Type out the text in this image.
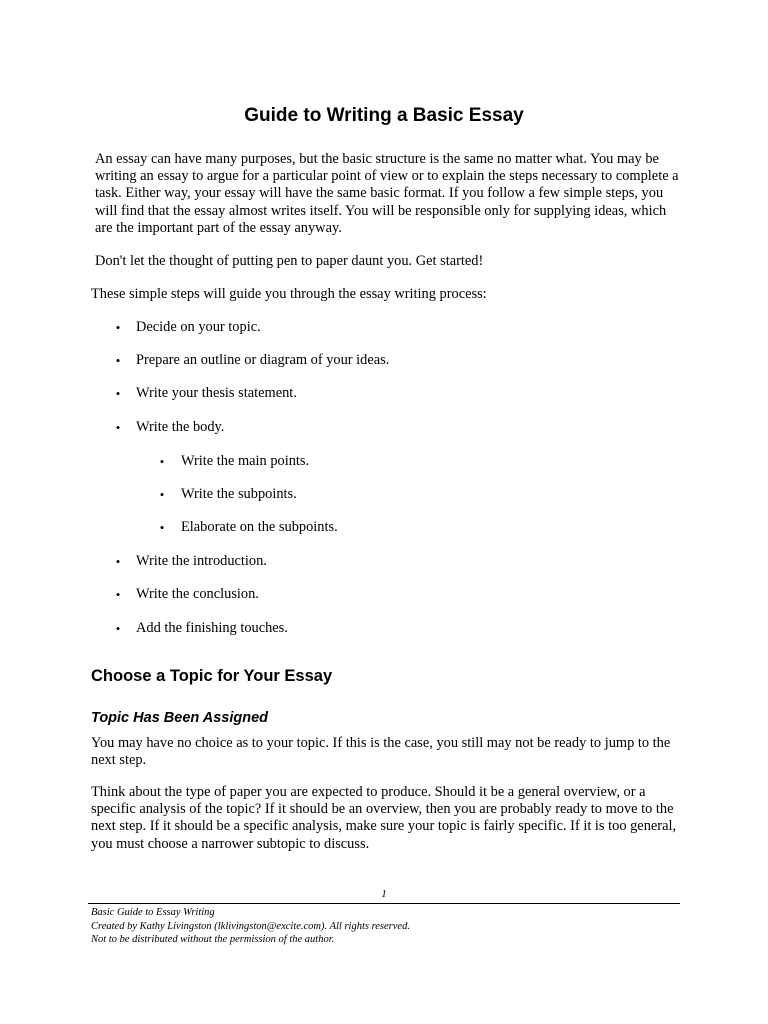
Guide to Writing a Basic Essay

An essay can have many purposes, but the basic structure is the same no matter what. You may be writing an essay to argue for a particular point of view or to explain the steps necessary to complete a task. Either way, your essay will have the same basic format. If you follow a few simple steps, you will find that the essay almost writes itself. You will be responsible only for supplying ideas, which are the important part of the essay anyway.

Don't let the thought of putting pen to paper daunt you. Get started!

These simple steps will guide you through the essay writing process:

• Decide on your topic.
• Prepare an outline or diagram of your ideas.
• Write your thesis statement.
• Write the body.
• Write the main points.
• Write the subpoints.
• Elaborate on the subpoints.
• Write the introduction.
• Write the conclusion.
• Add the finishing touches.
Choose a Topic for Your Essay
Topic Has Been Assigned

You may have no choice as to your topic. If this is the case, you still may not be ready to jump to the next step.

Think about the type of paper you are expected to produce. Should it be a general overview, or a specific analysis of the topic? If it should be an overview, then you are probably ready to move to the next step. If it should be a specific analysis, make sure your topic is fairly specific. If it is too general, you must choose a narrower subtopic to discuss.

1
Basic Guide to Essay Writing
Created by Kathy Livingston (lklivingston@excite.com). All rights reserved.
Not to be distributed without the permission of the author.
